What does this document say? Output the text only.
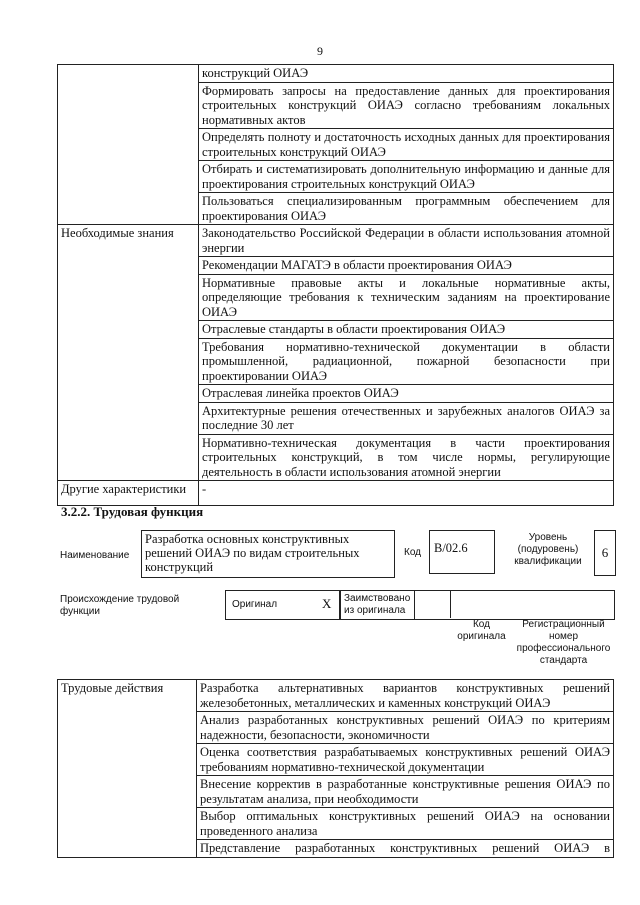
9
	конструкций ОИАЭ
	Формировать запросы на предоставление данных для проектирования строительных конструкций ОИАЭ согласно требованиям локальных нормативных актов
	Определять полноту и достаточность исходных данных для проектирования строительных конструкций ОИАЭ
	Отбирать и систематизировать дополнительную информацию и данные для проектирования строительных конструкций ОИАЭ
	Пользоваться специализированным программным обеспечением для проектирования ОИАЭ
Необходимые знания	Законодательство Российской Федерации в области использования атомной энергии
	Рекомендации МАГАТЭ в области проектирования ОИАЭ
	Нормативные правовые акты и локальные нормативные акты, определяющие требования к техническим заданиям на проектирование ОИАЭ
	Отраслевые стандарты в области проектирования ОИАЭ
	Требования нормативно-технической документации в области промышленной, радиационной, пожарной безопасности при проектировании ОИАЭ
	Отраслевая линейка проектов ОИАЭ
	Архитектурные решения отечественных и зарубежных аналогов ОИАЭ за последние 30 лет
	Нормативно-техническая документация в части проектирования строительных конструкций, в том числе нормы, регулирующие деятельность в области использования атомной энергии
Другие характеристики	-
3.2.2. Трудовая функция
Наименование
Разработка основных конструктивных решений ОИАЭ по видам строительных конструкций
Код	B/02.6
Уровень (подуровень) квалификации
6
Происхождение трудовой функции
Оригинал	X Заимствовано из оригинала
Код оригинала
Регистрационный номер профессионального стандарта
Трудовые действия	Разработка альтернативных вариантов конструктивных решений железобетонных, металлических и каменных конструкций ОИАЭ
Анализ разработанных конструктивных решений ОИАЭ по критериям надежности, безопасности, экономичности
Оценка соответствия разрабатываемых конструктивных решений ОИАЭ требованиям нормативно-технической документации
Внесение корректив в разработанные конструктивные решения ОИАЭ по результатам анализа, при необходимости
Выбор оптимальных конструктивных решений ОИАЭ на основании проведенного анализа
Представление разработанных конструктивных решений ОИАЭ в
